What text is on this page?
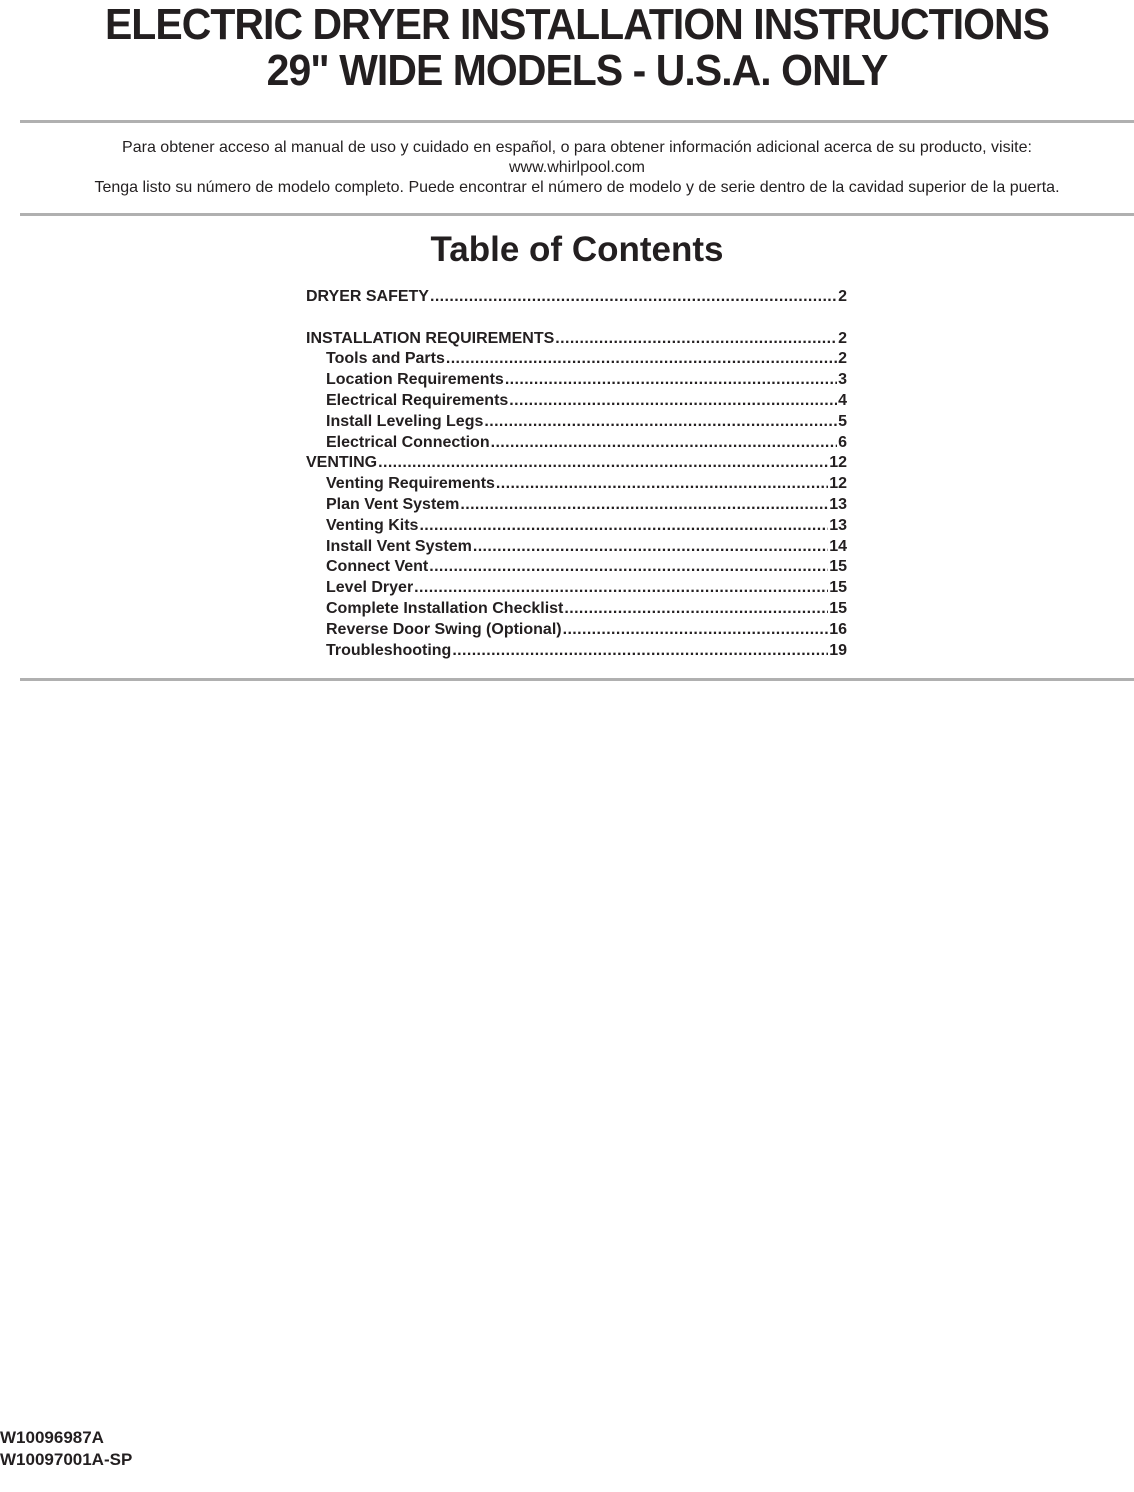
ELECTRIC DRYER INSTALLATION INSTRUCTIONS
29" WIDE MODELS - U.S.A. ONLY
Para obtener acceso al manual de uso y cuidado en español, o para obtener información adicional acerca de su producto, visite:
www.whirlpool.com
Tenga listo su número de modelo completo. Puede encontrar el número de modelo y de serie dentro de la cavidad superior de la puerta.
Table of Contents
DRYER SAFETY .....	2
INSTALLATION REQUIREMENTS .....	2
Tools and Parts .....	2
Location Requirements .....	3
Electrical Requirements .....	4
Install Leveling Legs .....	5
Electrical Connection .....	6
VENTING .....	12
Venting Requirements .....	12
Plan Vent System .....	13
Venting Kits .....	13
Install Vent System .....	14
Connect Vent .....	15
Level Dryer .....	15
Complete Installation Checklist .....	15
Reverse Door Swing (Optional) .....	16
Troubleshooting .....	19
W10096987A
W10097001A-SP
